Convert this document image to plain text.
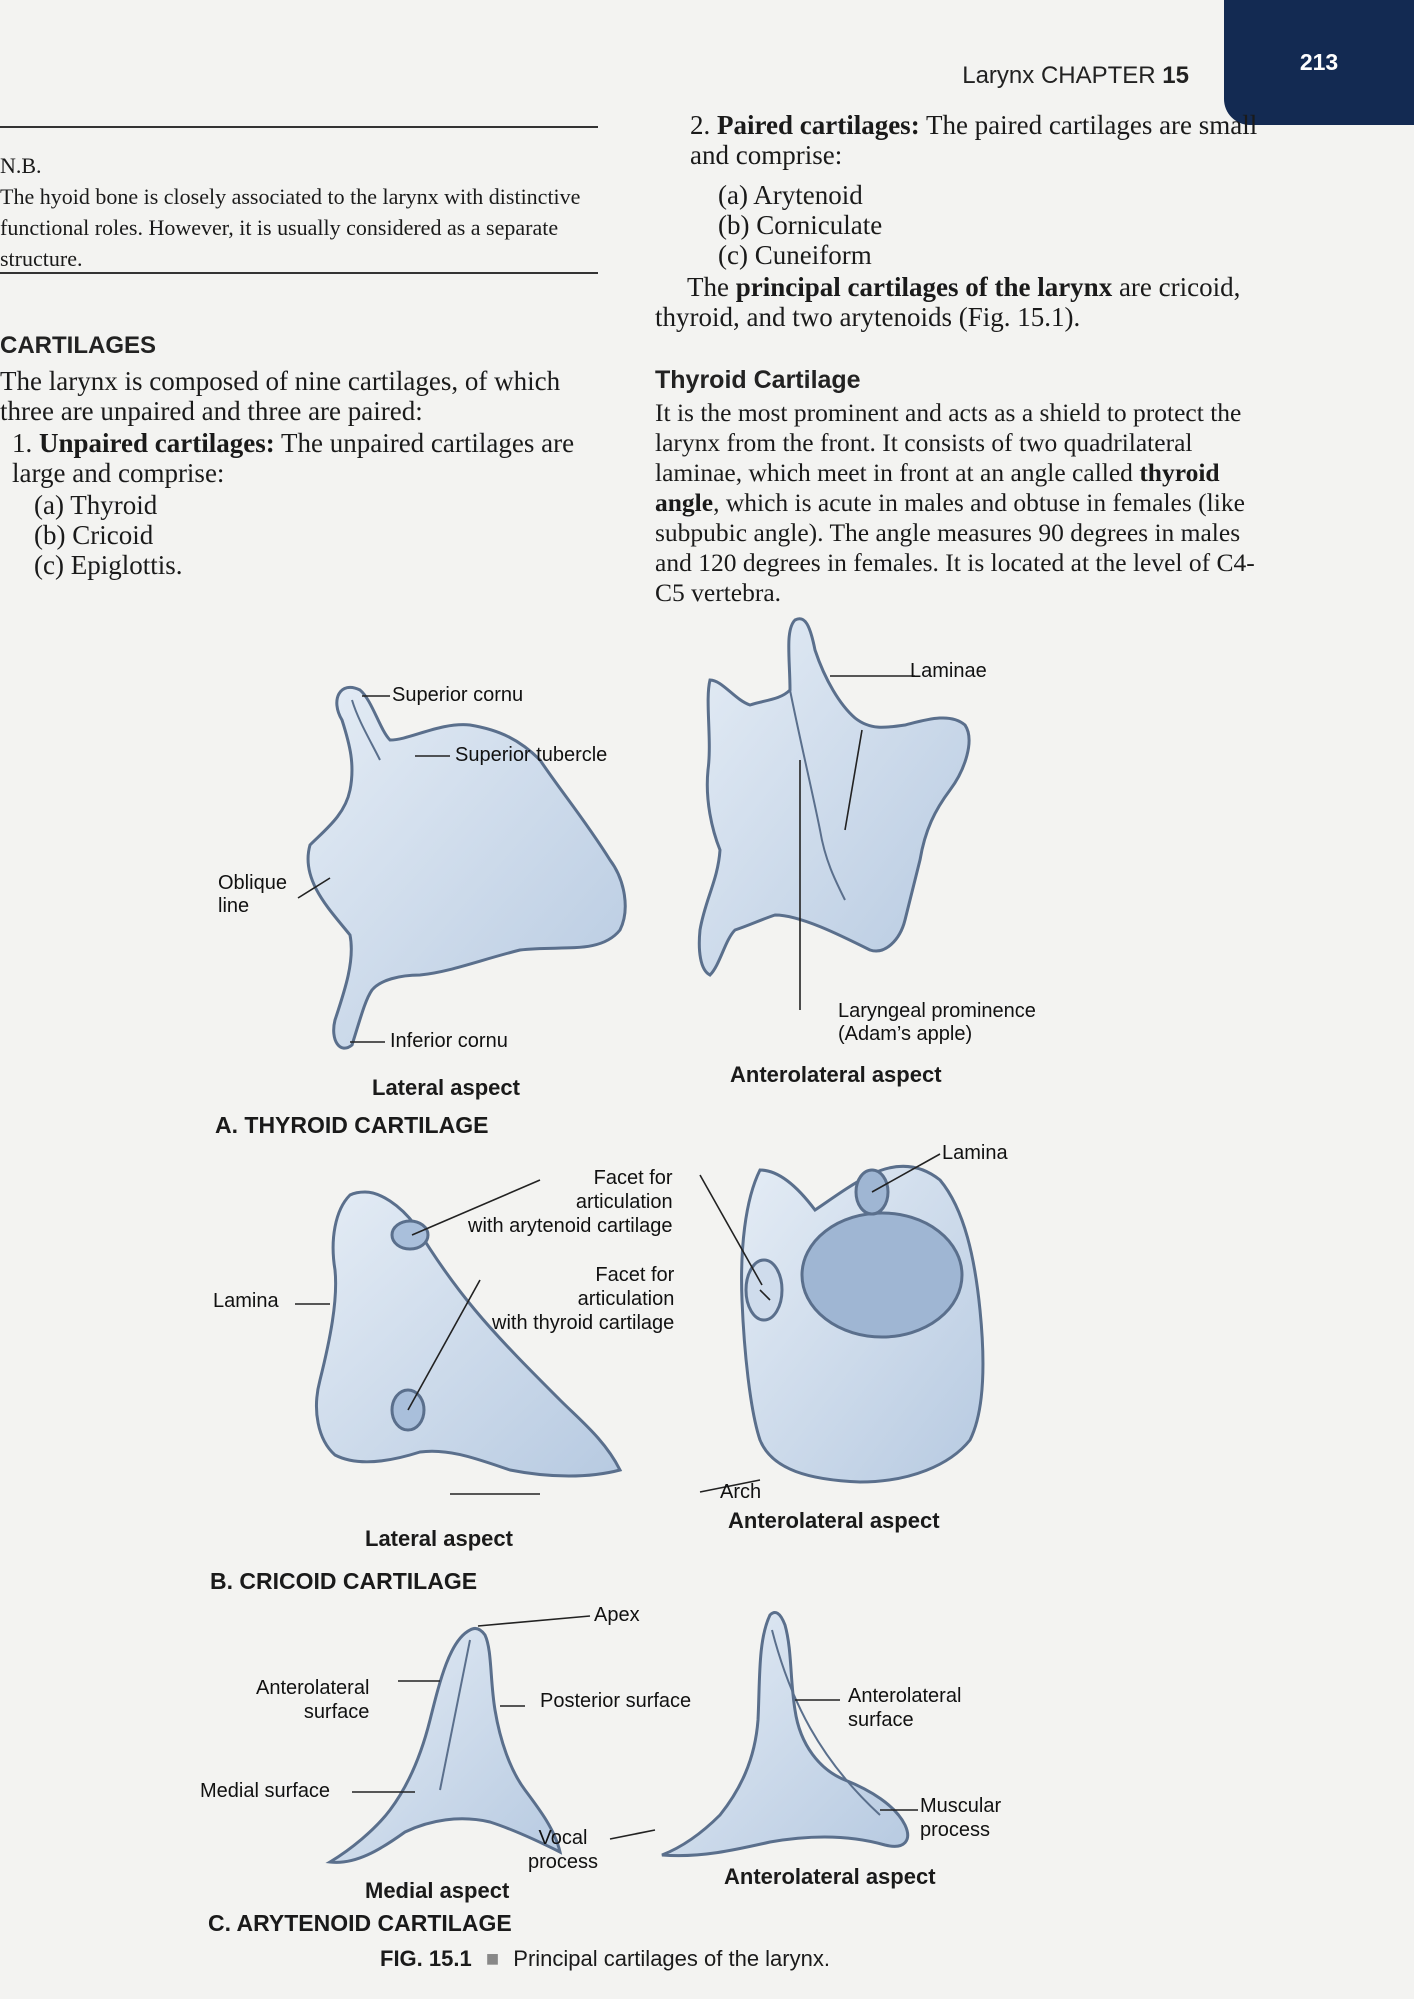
Larynx CHAPTER 15	213
N.B.
The hyoid bone is closely associated to the larynx with distinctive functional roles. However, it is usually considered as a separate structure.
CARTILAGES
The larynx is composed of nine cartilages, of which three are unpaired and three are paired:
1. Unpaired cartilages: The unpaired cartilages are large and comprise:
(a) Thyroid
(b) Cricoid
(c) Epiglottis.
2. Paired cartilages: The paired cartilages are small and comprise:
(a) Arytenoid
(b) Corniculate
(c) Cuneiform
The principal cartilages of the larynx are cricoid, thyroid, and two arytenoids (Fig. 15.1).
Thyroid Cartilage
It is the most prominent and acts as a shield to protect the larynx from the front. It consists of two quadrilateral laminae, which meet in front at an angle called thyroid angle, which is acute in males and obtuse in females (like subpubic angle). The angle measures 90 degrees in males and 120 degrees in females. It is located at the level of C4-C5 vertebra.
Superior cornu
Superior tubercle
Oblique
line
Inferior cornu
Lateral aspect
A. THYROID CARTILAGE
Laminae
Laryngeal prominence
(Adam’s apple)
Anterolateral aspect
Facet for
articulation
with arytenoid cartilage
Facet for
articulation
with thyroid cartilage
Lamina
Lamina
Arch
Lateral aspect
Anterolateral aspect
B. CRICOID CARTILAGE
Apex
Anterolateral
surface	Posterior surface
Medial surface
Vocal
process
Anterolateral
surface
Muscular
process
Medial aspect
Anterolateral aspect
C. ARYTENOID CARTILAGE
FIG. 15.1 ■ Principal cartilages of the larynx.
